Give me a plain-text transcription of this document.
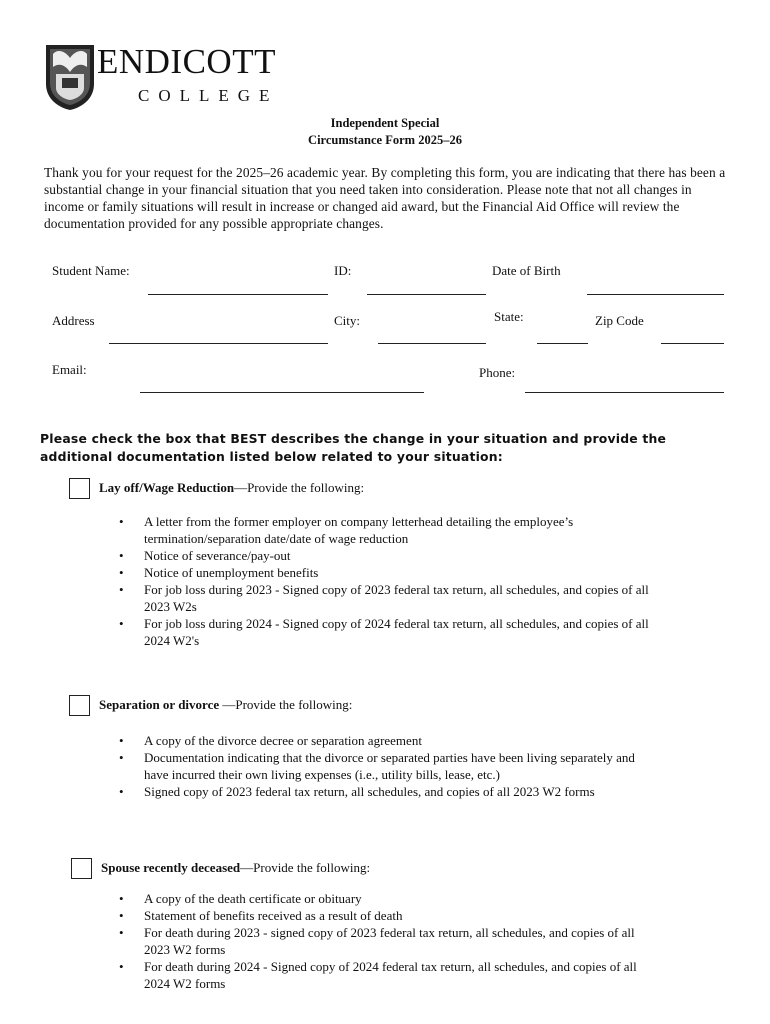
ENDICOTT
COLLEGE
Independent Special
Circumstance Form 2025–26
Thank you for your request for the 2025–26 academic year. By completing this form, you are indicating that there has been a substantial change in your financial situation that you need taken into consideration. Please note that not all changes in income or family situations will result in increase or changed aid award, but the Financial Aid Office will review the documentation provided for any possible appropriate changes.
Student Name:	ID:	Date of Birth
Address	City:	State:	Zip Code
Email:	Phone:
Please check the box that BEST describes the change in your situation and provide the additional documentation listed below related to your situation:
Lay off/Wage Reduction—Provide the following:
• A letter from the former employer on company letterhead detailing the employee’s termination/separation date/date of wage reduction
• Notice of severance/pay-out
• Notice of unemployment benefits
• For job loss during 2023 - Signed copy of 2023 federal tax return, all schedules, and copies of all 2023 W2s
• For job loss during 2024 - Signed copy of 2024 federal tax return, all schedules, and copies of all 2024 W2's
Separation or divorce —Provide the following:
• A copy of the divorce decree or separation agreement
• Documentation indicating that the divorce or separated parties have been living separately and have incurred their own living expenses (i.e., utility bills, lease, etc.)
• Signed copy of 2023 federal tax return, all schedules, and copies of all 2023 W2 forms
Spouse recently deceased—Provide the following:
• A copy of the death certificate or obituary
• Statement of benefits received as a result of death
• For death during 2023 - signed copy of 2023 federal tax return, all schedules, and copies of all 2023 W2 forms
• For death during 2024 - Signed copy of 2024 federal tax return, all schedules, and copies of all 2024 W2 forms
